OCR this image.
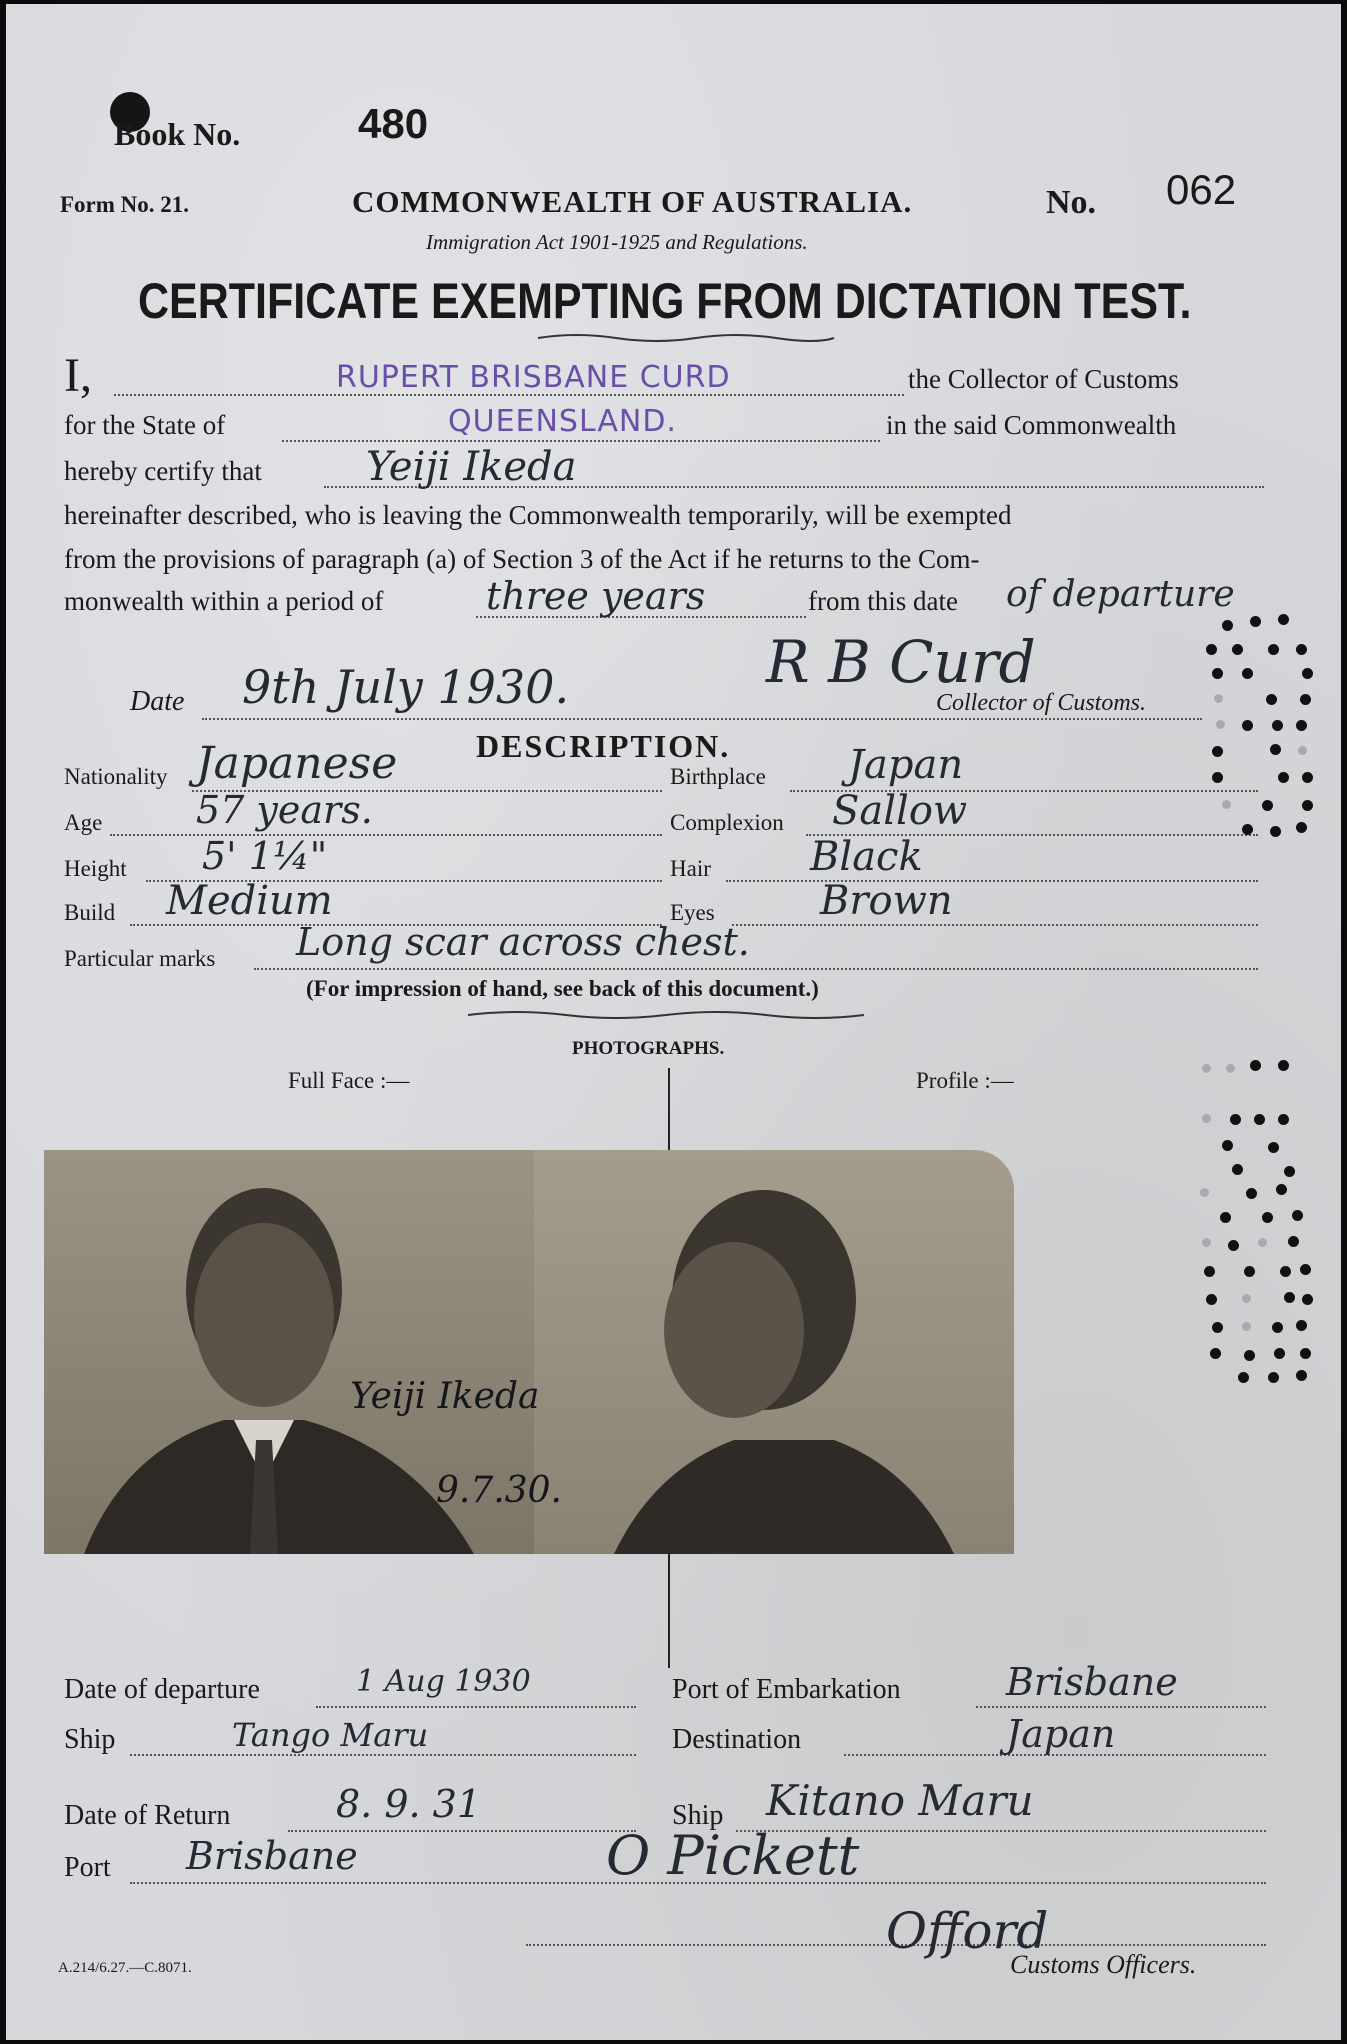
Book No.	480
Form No. 21.	COMMONWEALTH OF AUSTRALIA.	No. 062
Immigration Act 1901-1925 and Regulations.
CERTIFICATE EXEMPTING FROM DICTATION TEST.
I,	RUPERT BRISBANE CURD	the Collector of Customs
for the State of	QUEENSLAND.	in the said Commonwealth
hereby certify that	Yeiji Ikeda
hereinafter described, who is leaving the Commonwealth temporarily, will be exempted
from the provisions of paragraph (a) of Section 3 of the Act if he returns to the Com-
monwealth within a period of	three years	from this date of departure
R B Curd
Date 9th July 1930.	Collector of Customs.
DESCRIPTION.
Nationality Japanese	Birthplace Japan
Age 57 years.	Complexion Sallow
Height 5' 1¼"	Hair Black
Build Medium	Eyes	Brown
Particular marks Long scar across chest.
(For impression of hand, see back of this document.)
PHOTOGRAPHS.
Full Face :—	Profile :—
Yeiji Ikeda
9.7.30.
Date of departure	1 Aug 1930	Port of Embarkation	Brisbane
Ship	Tango Maru	Destination	Japan
Date of Return	8. 9. 31	Ship Kitano Maru
Port Brisbane	O Pickett
Offord
Customs Officers.
A.214/6.27.—C.8071.
